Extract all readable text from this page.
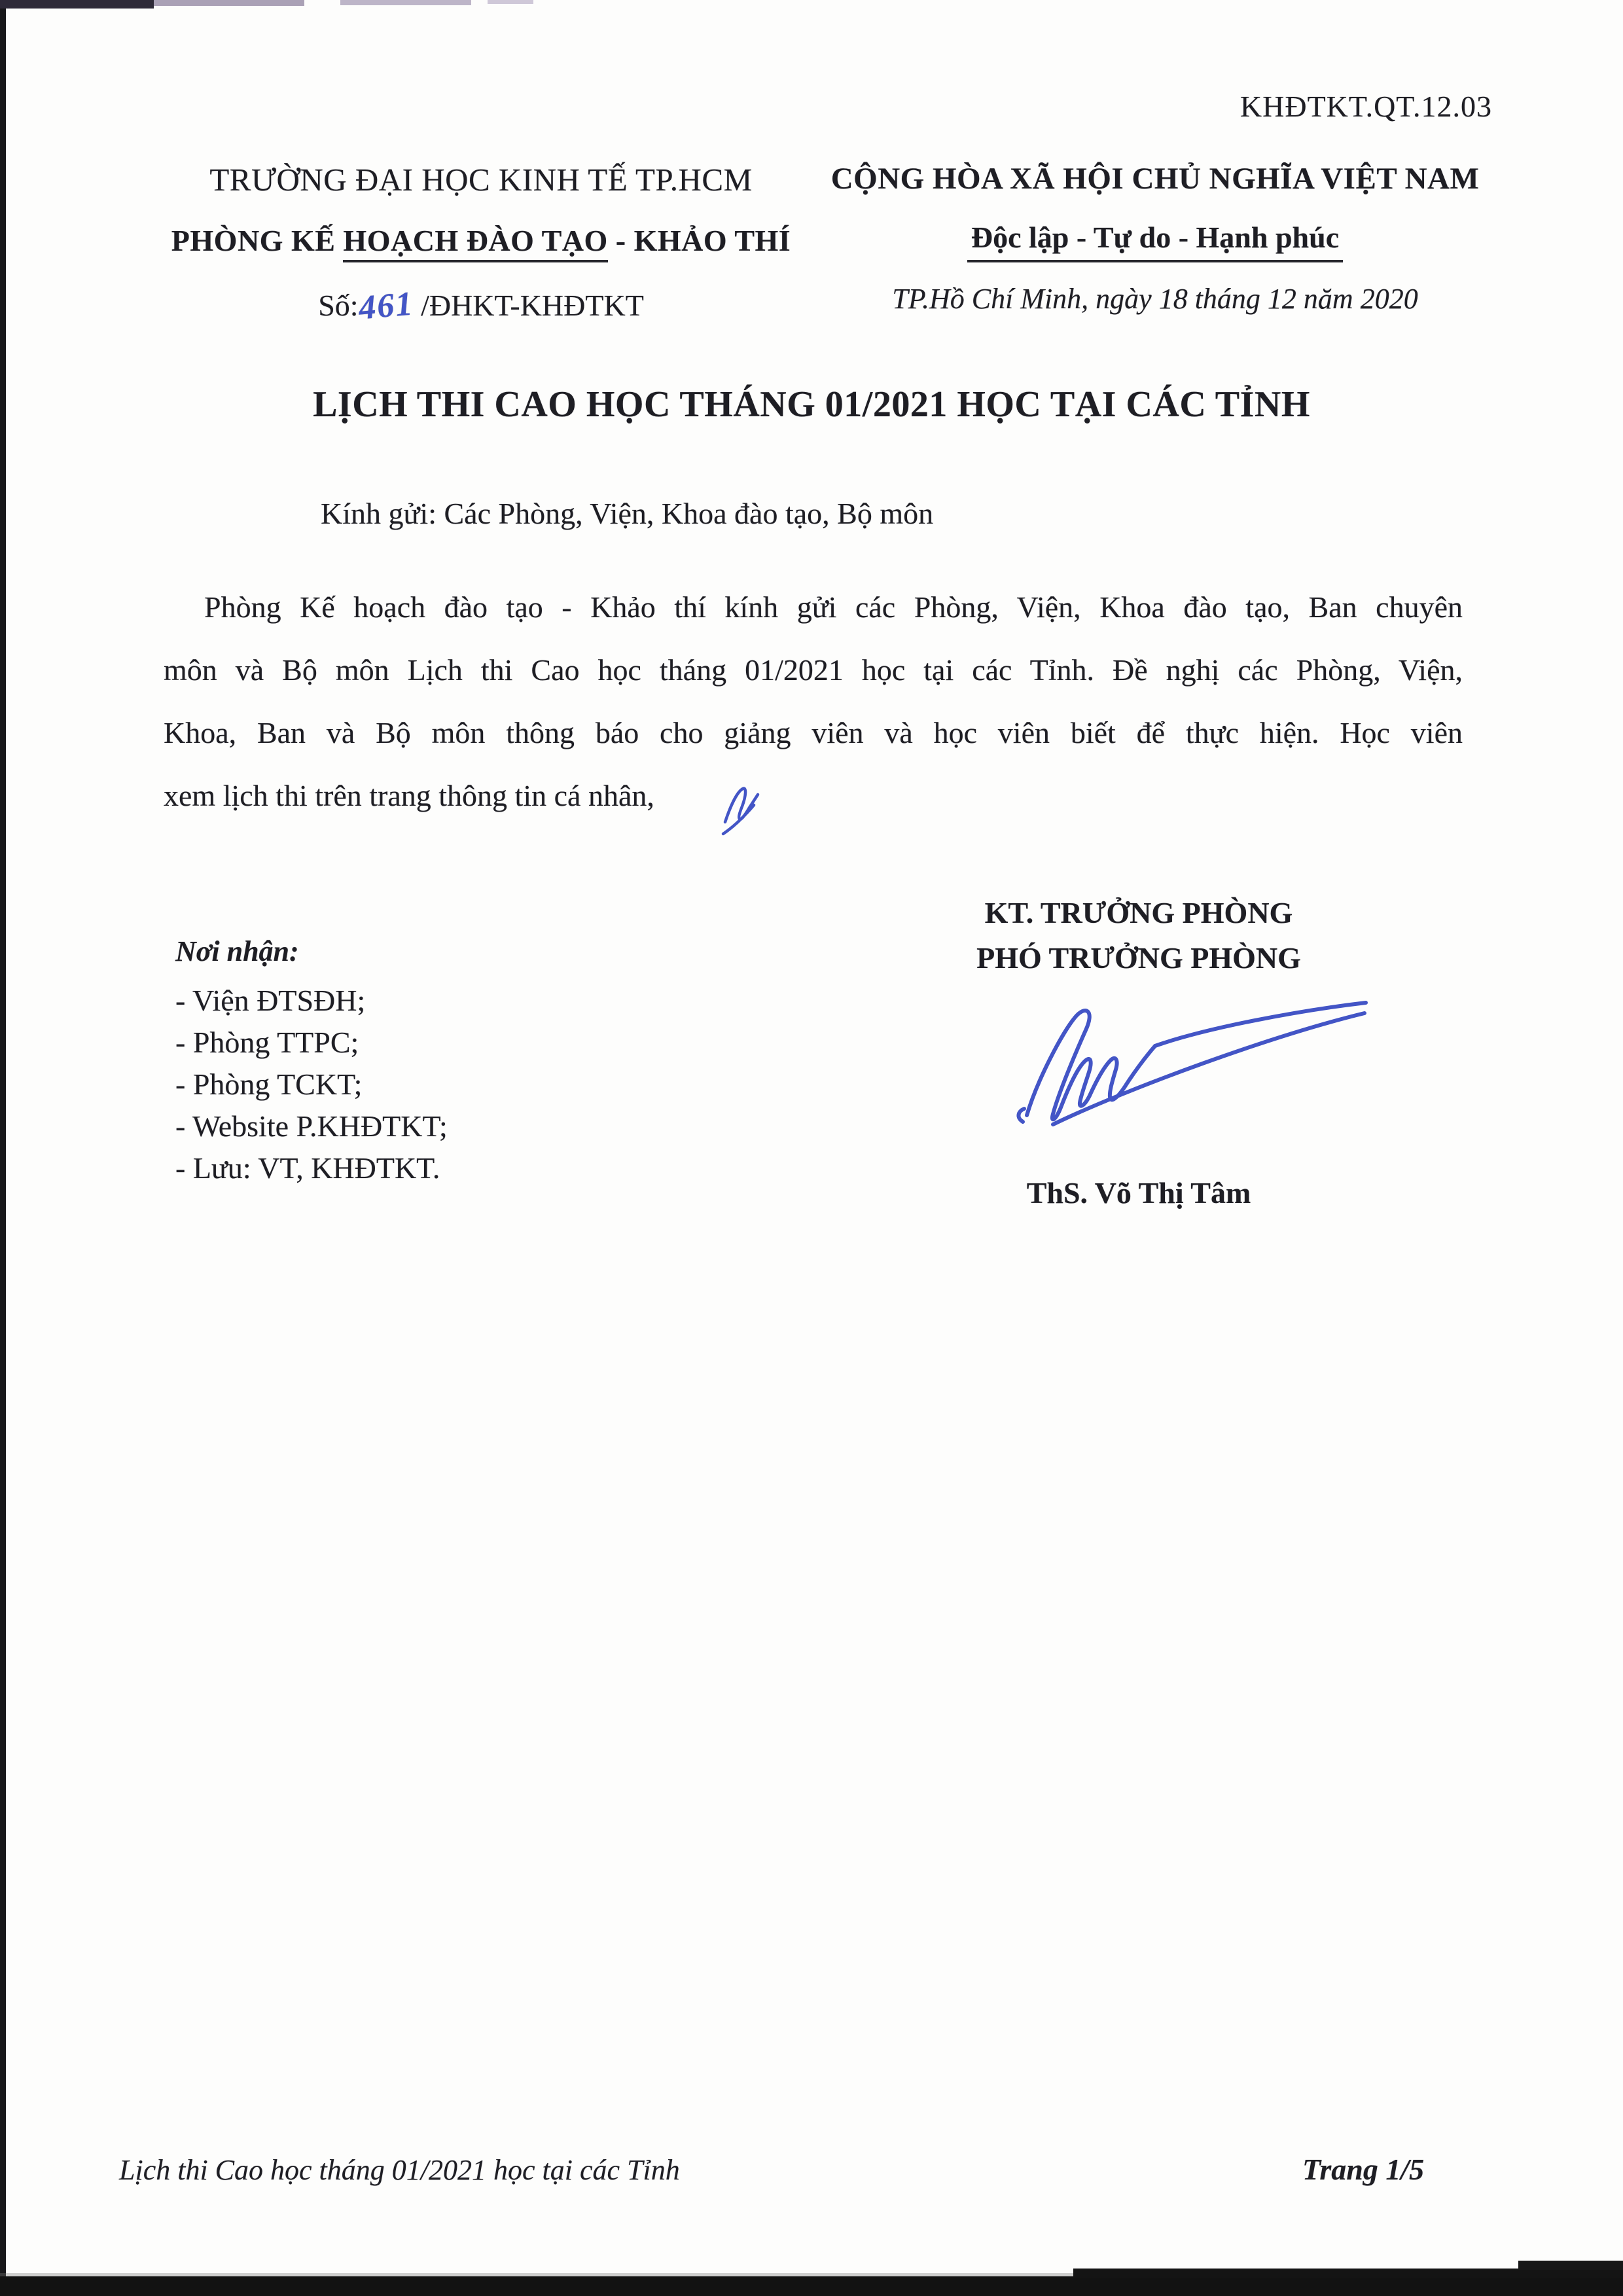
KHĐTKT.QT.12.03
TRƯỜNG ĐẠI HỌC KINH TẾ TP.HCM
PHÒNG KẾ HOẠCH ĐÀO TẠO - KHẢO THÍ
Số:461 /ĐHKT-KHĐTKT
CỘNG HÒA XÃ HỘI CHỦ NGHĨA VIỆT NAM
Độc lập - Tự do - Hạnh phúc
TP.Hồ Chí Minh, ngày 18 tháng 12 năm 2020
LỊCH THI CAO HỌC THÁNG 01/2021 HỌC TẠI CÁC TỈNH
Kính gửi: Các Phòng, Viện, Khoa đào tạo, Bộ môn
Phòng Kế hoạch đào tạo - Khảo thí kính gửi các Phòng, Viện, Khoa đào tạo, Ban chuyên
môn và Bộ môn Lịch thi Cao học tháng 01/2021 học tại các Tỉnh. Đề nghị các Phòng, Viện,
Khoa, Ban và Bộ môn thông báo cho giảng viên và học viên biết để thực hiện. Học viên
xem lịch thi trên trang thông tin cá nhân,
Nơi nhận:
- Viện ĐTSĐH;
- Phòng TTPC;
- Phòng TCKT;
- Website P.KHĐTKT;
- Lưu: VT, KHĐTKT.
KT. TRƯỞNG PHÒNG
PHÓ TRƯỞNG PHÒNG
ThS. Võ Thị Tâm
Lịch thi Cao học tháng 01/2021 học tại các Tỉnh	Trang 1/5
